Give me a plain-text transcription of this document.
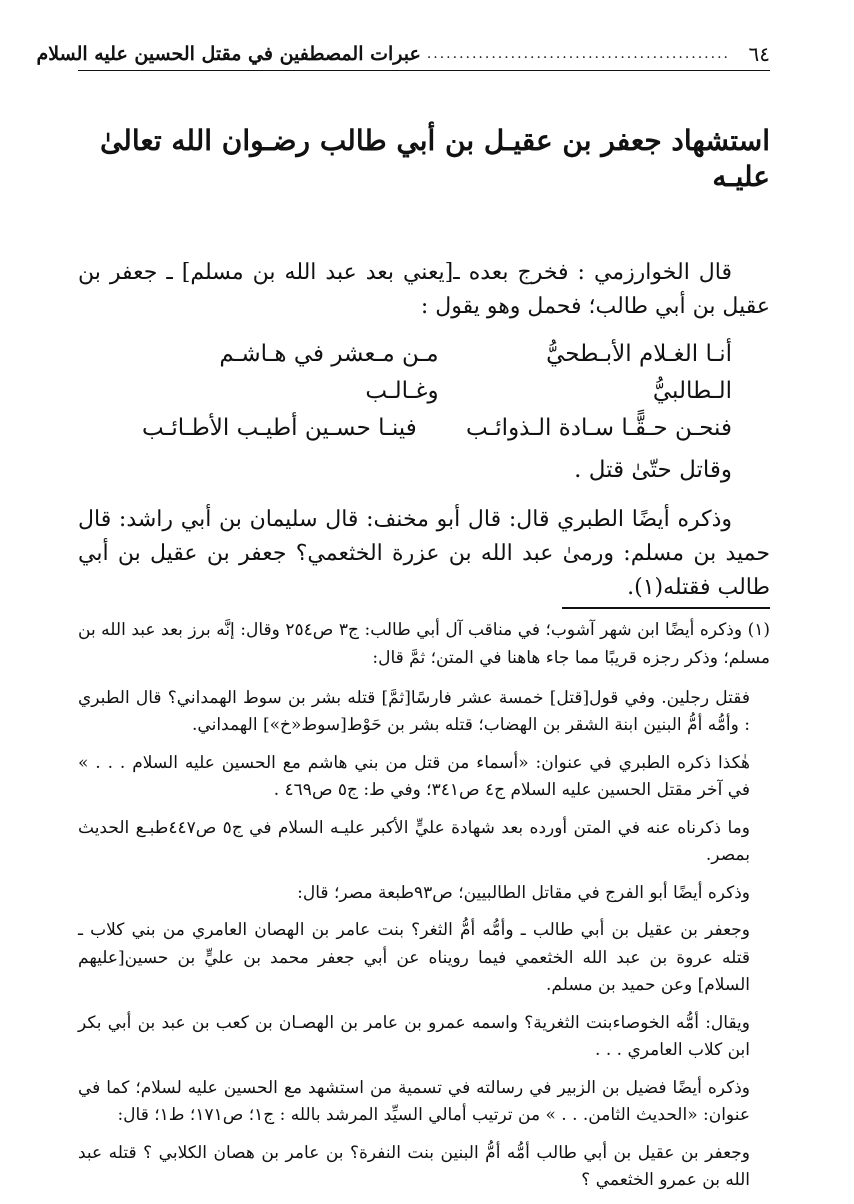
٦٤
...............................................
عبرات المصطفين في مقتل الحسين عليه السلام
استشهاد جعفر بن عقيـل بن أبي طالب رضـوان الله تعالىٰ عليـه

قال الخوارزمي : فخرج بعده ـ[يعني بعد عبد الله بن مسلم] ـ جعفر بن عقيل بن أبي طالب؛ فحمل وهو يقول :

أنـا الغـلام الأبـطحيُّ الـطالبيُّ
مـن مـعشر في هـاشـم وغـالـب
فنحـن حـقًّـا سـادة الـذوائـب
فينـا حسـين أطيـب الأطـائـب
وقاتل حتّىٰ قتل .

وذكره أيضًا الطبري قال: قال أبو مخنف: قال سليمان بن أبي راشد: قال حميد بن مسلم: ورمىٰ عبد الله بن عزرة الخثعمي؟ جعفر بن عقيل بن أبي طالب فقتله(١).

(١) وذكره أيضًا ابن شهر آشوب؛ في مناقب آل أبي طالب: ج٣ ص٢٥٤ وقال: إنَّه برز بعد عبد الله بن مسلم؛ وذكر رجزه قريبًا مما جاء هاهنا في المتن؛ ثمَّ قال:

فقتل رجلين. وفي قول[قتل] خمسة عشر فارسًا[ثمَّ] قتله بشر بن سوط الهمداني؟ قال الطبري : وأمُّه أمُّ البنين ابنة الشقر بن الهضاب؛ قتله بشر بن حَوْط[سوط«خ»] الهمداني.

هٰكذا ذكره الطبري في عنوان: «أسماء من قتل من بني هاشم مع الحسين عليه السلام . . . » في آخر مقتل الحسين عليه السلام ج٤ ص٣٤١؛ وفي ط: ج٥ ص٤٦٩ .

وما ذكرناه عنه في المتن أورده بعد شهادة عليٍّ الأكبر عليـه السلام في ج٥ ص٤٤٧طبـع الحديث بمصر.

وذكره أيضًا أبو الفرج في مقاتل الطالبيين؛ ص٩٣طبعة مصر؛ قال:

وجعفر بن عقيل بن أبي طالب ـ وأمُّه أمُّ الثغر؟ بنت عامر بن الهصان العامري من بني كلاب ـ قتله عروة بن عبد الله الخثعمي فيما رويناه عن أبي جعفر محمد بن عليٍّ بن حسين[عليهم السلام] وعن حميد بن مسلم.

ويقال: أمُّه الخوصاءبنت الثغرية؟ واسمه عمرو بن عامر بن الهصـان بن كعب بن عبد بن أبي بكر ابن كلاب العامري . . .

وذكره أيضًا فضيل بن الزبير في رسالته في تسمية من استشهد مع الحسين عليه لسلام؛ كما في عنوان: «الحديث الثامن. . . » من ترتيب أمالي السيِّد المرشد بالله : ج١؛ ص١٧١؛ ط١؛ قال:

وجعفر بن عقيل بن أبي طالب أمُّه أمُّ البنين بنت النفرة؟ بن عامر بن هصان الكلابي ؟ قتله عبد الله بن عمرو الخثعمي ؟
